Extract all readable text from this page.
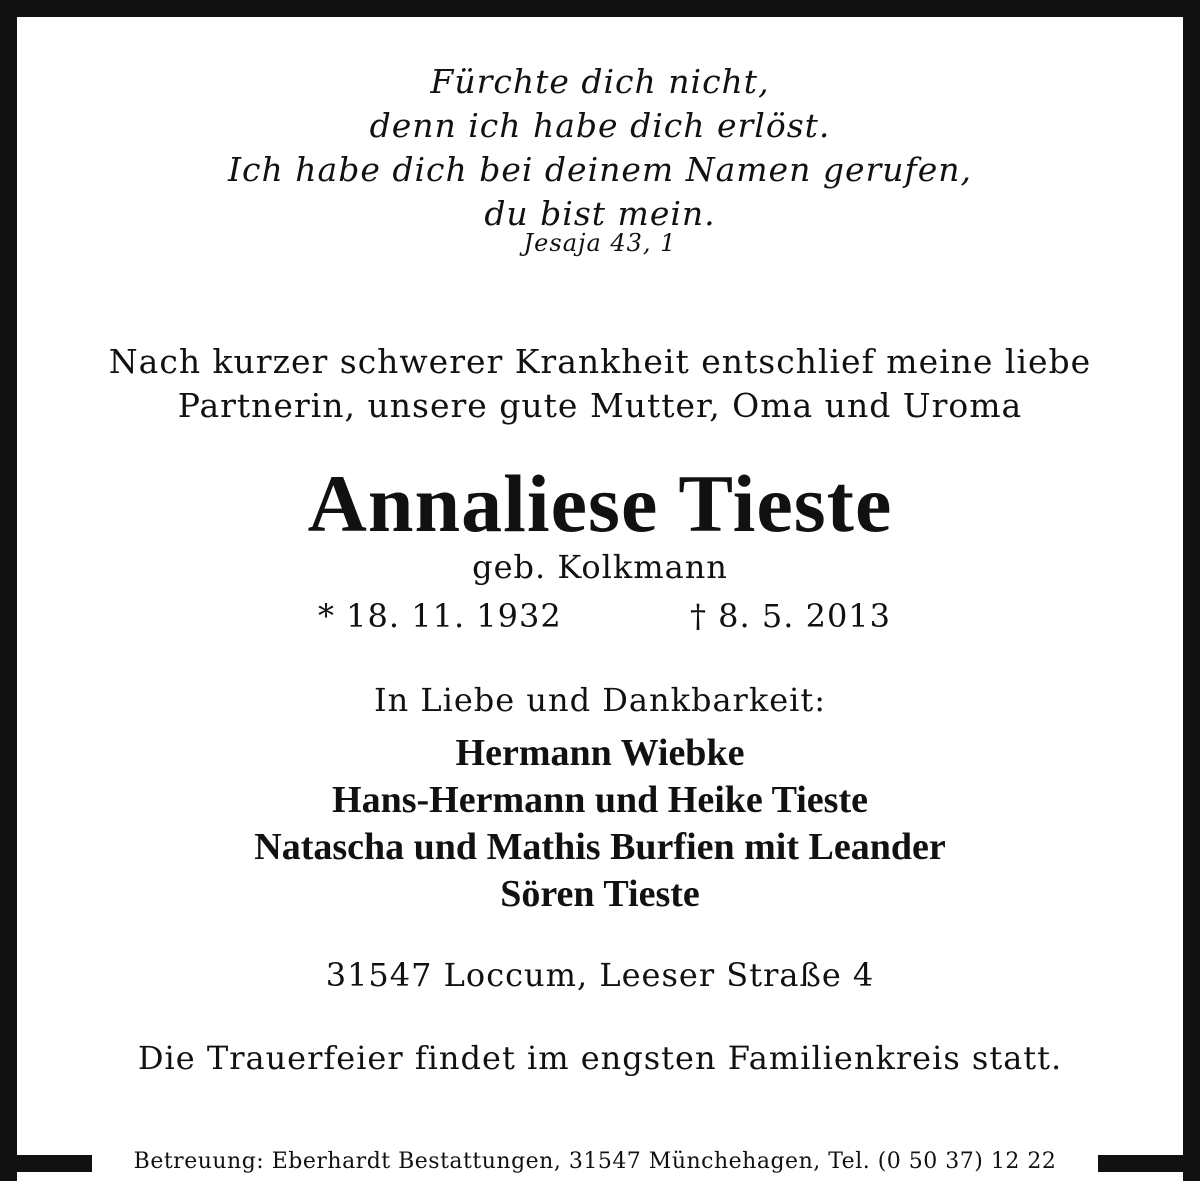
Fürchte dich nicht,
denn ich habe dich erlöst.
Ich habe dich bei deinem Namen gerufen,
du bist mein.
Jesaja 43, 1
Nach kurzer schwerer Krankheit entschlief meine liebe
Partnerin, unsere gute Mutter, Oma und Uroma
Annaliese Tieste
geb. Kolkmann
* 18. 11. 1932	† 8. 5. 2013
In Liebe und Dankbarkeit:
Hermann Wiebke
Hans-Hermann und Heike Tieste
Natascha und Mathis Burfien mit Leander
Sören Tieste
31547 Loccum, Leeser Straße 4
Die Trauerfeier findet im engsten Familienkreis statt.
Betreuung: Eberhardt Bestattungen, 31547 Münchehagen, Tel. (0 50 37) 12 22
